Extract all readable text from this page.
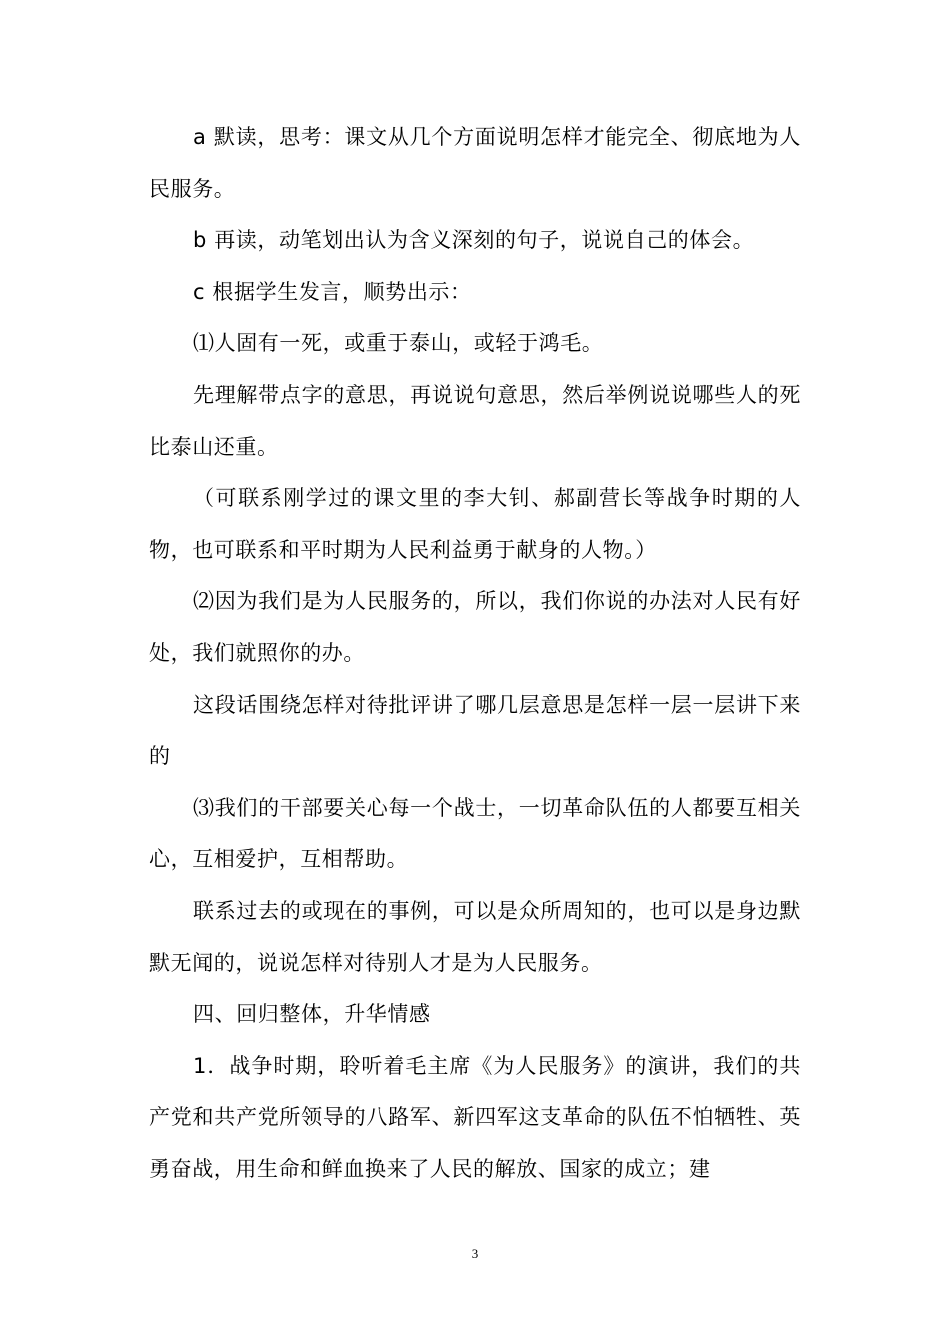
a 默读，思考：课文从几个方面说明怎样才能完全、彻底地为人民服务。

b 再读，动笔划出认为含义深刻的句子，说说自己的体会。

c 根据学生发言，顺势出示：

⑴人固有一死，或重于泰山，或轻于鸿毛。

先理解带点字的意思，再说说句意思，然后举例说说哪些人的死比泰山还重。

（可联系刚学过的课文里的李大钊、郝副营长等战争时期的人物，也可联系和平时期为人民利益勇于献身的人物。）

⑵因为我们是为人民服务的，所以，我们你说的办法对人民有好处，我们就照你的办。

这段话围绕怎样对待批评讲了哪几层意思是怎样一层一层讲下来的

⑶我们的干部要关心每一个战士，一切革命队伍的人都要互相关心，互相爱护，互相帮助。

联系过去的或现在的事例，可以是众所周知的，也可以是身边默默无闻的，说说怎样对待别人才是为人民服务。

四、回归整体，升华情感

1．战争时期，聆听着毛主席《为人民服务》的演讲，我们的共产党和共产党所领导的八路军、新四军这支革命的队伍不怕牺牲、英勇奋战，用生命和鲜血换来了人民的解放、国家的成立；建

3
